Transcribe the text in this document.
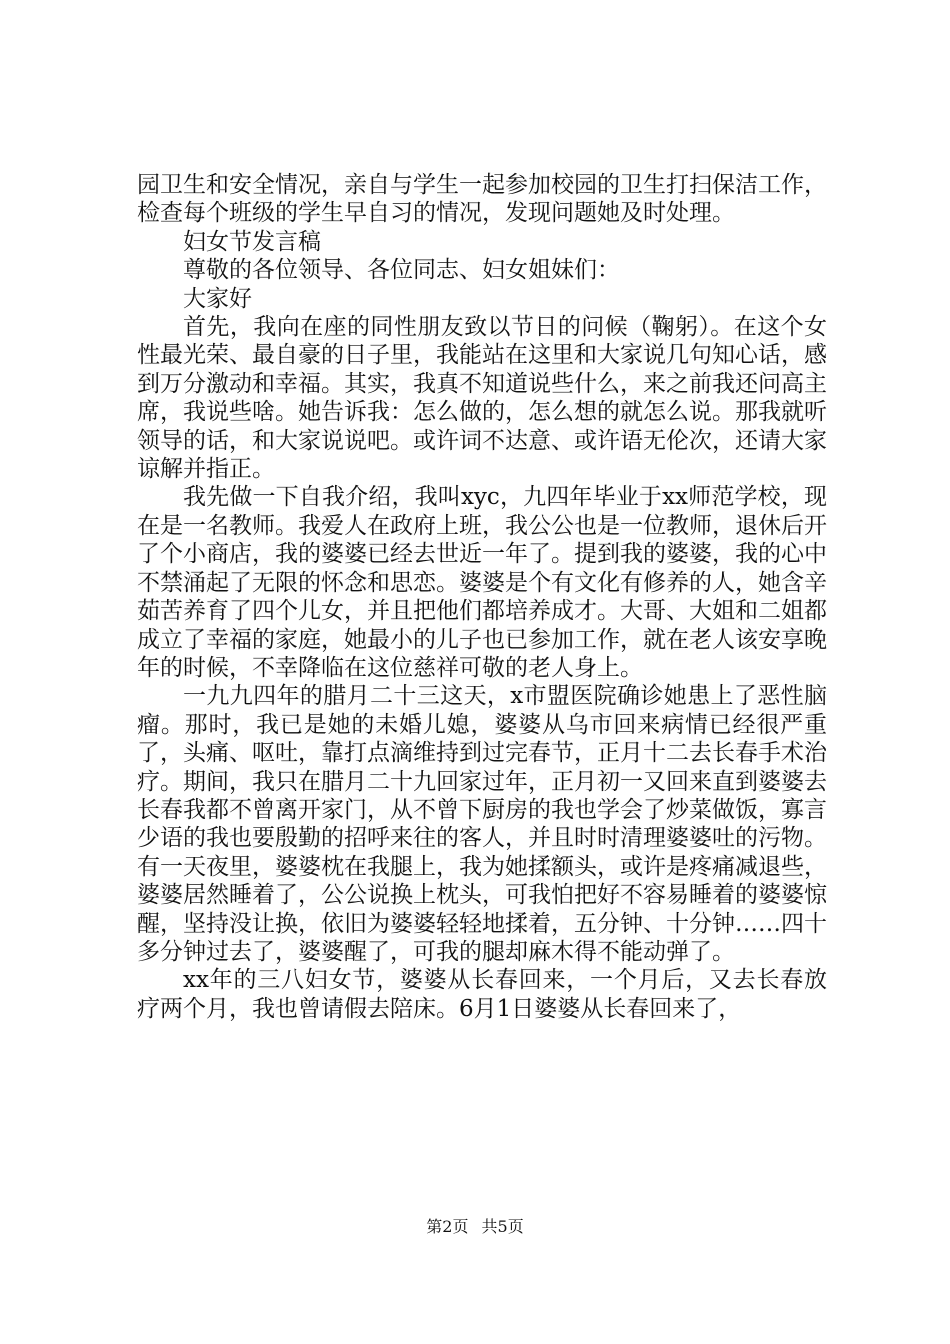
园卫生和安全情况，亲自与学生一起参加校园的卫生打扫保洁工作，检查每个班级的学生早自习的情况，发现问题她及时处理。

妇女节发言稿

尊敬的各位领导、各位同志、妇女姐妹们：

大家好

首先，我向在座的同性朋友致以节日的问候（鞠躬）。在这个女性最光荣、最自豪的日子里，我能站在这里和大家说几句知心话，感到万分激动和幸福。其实，我真不知道说些什么，来之前我还问高主席，我说些啥。她告诉我：怎么做的，怎么想的就怎么说。那我就听领导的话，和大家说说吧。或许词不达意、或许语无伦次，还请大家谅解并指正。

我先做一下自我介绍，我叫xyc，九四年毕业于xx师范学校，现在是一名教师。我爱人在政府上班，我公公也是一位教师，退休后开了个小商店，我的婆婆已经去世近一年了。提到我的婆婆，我的心中不禁涌起了无限的怀念和思恋。婆婆是个有文化有修养的人，她含辛茹苦养育了四个儿女，并且把他们都培养成才。大哥、大姐和二姐都成立了幸福的家庭，她最小的儿子也已参加工作，就在老人该安享晚年的时候，不幸降临在这位慈祥可敬的老人身上。

一九九四年的腊月二十三这天，x市盟医院确诊她患上了恶性脑瘤。那时，我已是她的未婚儿媳，婆婆从乌市回来病情已经很严重了，头痛、呕吐，靠打点滴维持到过完春节，正月十二去长春手术治疗。期间，我只在腊月二十九回家过年，正月初一又回来直到婆婆去长春我都不曾离开家门，从不曾下厨房的我也学会了炒菜做饭，寡言少语的我也要殷勤的招呼来往的客人，并且时时清理婆婆吐的污物。有一天夜里，婆婆枕在我腿上，我为她揉额头，或许是疼痛减退些，婆婆居然睡着了，公公说换上枕头，可我怕把好不容易睡着的婆婆惊醒，坚持没让换，依旧为婆婆轻轻地揉着，五分钟、十分钟……四十多分钟过去了，婆婆醒了，可我的腿却麻木得不能动弹了。

xx年的三八妇女节，婆婆从长春回来，一个月后，又去长春放疗两个月，我也曾请假去陪床。6月1日婆婆从长春回来了，

第2页 共5页
